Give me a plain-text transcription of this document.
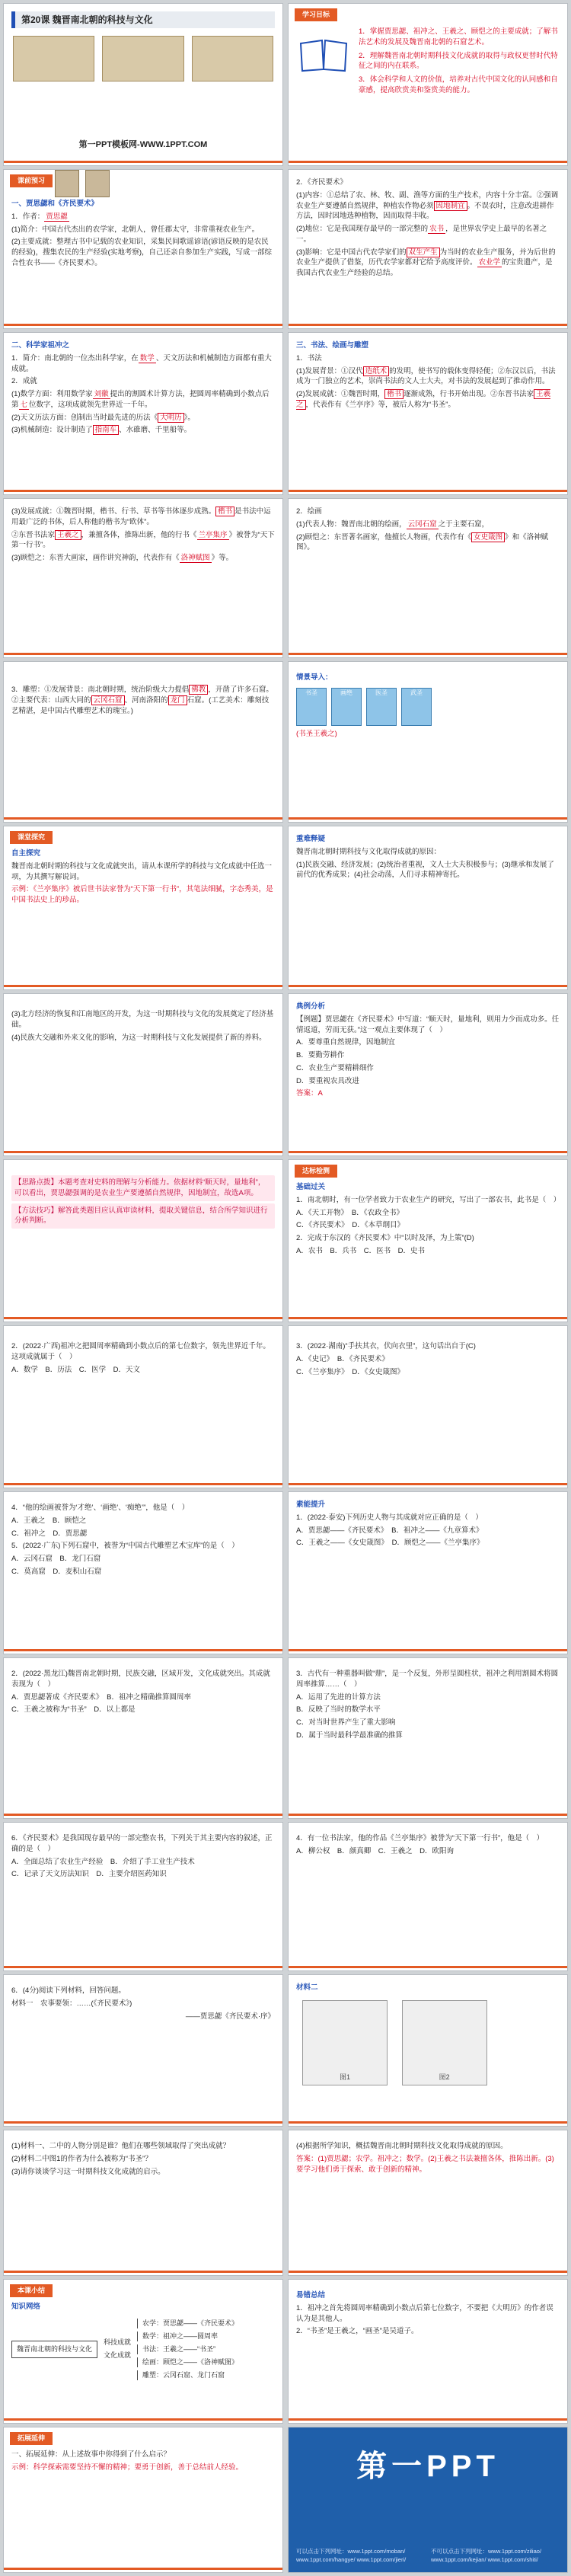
第20课 魏晋南北朝的科技与文化
第一PPT模板网-WWW.1PPT.COM
学习目标

1．掌握贾思勰、祖冲之、王羲之、顾恺之的主要成就；了解书法艺术的发展及魏晋南北朝的石窟艺术。

2．理解魏晋南北朝时期科技文化成就的取得与政权更替时代特征之间的内在联系。

3．体会科学和人文的价值，培养对古代中国文化的认同感和自豪感，提高欣赏美和鉴赏美的能力。

课前预习

一、贾思勰和《齐民要术》

1．作者： 贾思勰

(1)简介：中国古代杰出的农学家，北朝人，曾任郡太守，非常重视农业生产。

(2)主要成就：整理古书中记载的农业知识，采集民间歌谣谚语(谚语反映的是农民的经验)，搜集农民的生产经验(实地考察)，自己还亲自参加生产实践，写成一部综合性农书——《齐民要术》。

2．《齐民要术》

(1)内容：①总结了农、林、牧、副、渔等方面的生产技术，内容十分丰富。②强调农业生产要遵循自然规律，种植农作物必须 因地制宜 。不误农时，注意改进耕作方法，因时因地选种植物，因而取得丰收。

(2)地位：它是我国现存最早的一部完整的 农书 ，是世界农学史上最早的名著之一。

(3)影响：它是中国古代农学家们的 双生产生 为当时的农业生产服务，并为后世的农业生产提供了借鉴，历代农学家都对它给予高度评价。 农业学 的宝贵遗产，是我国古代农业生产经验的总结。

二、科学家祖冲之

1．简介：南北朝的一位杰出科学家，在 数学 、天文历法和机械制造方面都有重大成就。

2．成就

(1)数学方面：利用数学家 刘徽 提出的割圆术计算方法，把圆周率精确到小数点后第 七 位数字，这项成就领先世界近一千年。

(2)天文历法方面：创制出当时最先进的历法《 大明历 》。

(3)机械制造：设计制造了 指南车 、水碓磨、千里船等。

三、书法、绘画与雕塑

1．书法

(1)发展背景：①汉代 造纸术 的发明，使书写的载体变得轻便；②东汉以后，书法成为一门独立的艺术，崇尚书法的文人士大夫，对书法的发展起到了推动作用。

(2)发展成就：①魏晋时期， 楷书 逐渐成熟，行书开始出现。②东晋书法家 王羲之 ，代表作有《兰亭序》等，被后人称为“书圣”。

(3)发展成就：①魏晋时期，楷书、行书、草书等书体逐步成熟。 楷书 是书法中运用最广泛的书体，后人称他的楷书为“欧体”。

②东晋书法家 王羲之 ，兼擅各体，推陈出新，他的行书《 兰亭集序 》被誉为“天下第一行书”。

(3)顾恺之：东晋大画家，画作讲究神韵，代表作有《 洛神赋图 》等。

2．绘画

(1)代表人物：魏晋南北朝的绘画， 云冈石窟 之于主要石窟，

(2)顾恺之：东晋著名画家，他擅长人物画，代表作有《 女史箴图 》和《洛神赋图》。

3．雕塑：①发展背景：南北朝时期，统治阶级大力提倡 佛教 ，开凿了许多石窟。②主要代表：山西大同的 云冈石窟 、河南洛阳的 龙门 石窟。(工艺美术：雕刻技艺精湛，是中国古代雕塑艺术的瑰宝。)

情景导入：

书圣	画绝	医圣	武圣

(书圣王羲之)

课堂探究

自主探究

魏晋南北朝时期的科技与文化成就突出，请从本课所学的科技与文化成就中任选一项，为其撰写解说词。

示例：《兰亭集序》被后世书法家誉为“天下第一行书”，其笔法细腻，字态秀美，是中国书法史上的珍品。

重难释疑

魏晋南北朝时期科技与文化取得成就的原因：

(1)民族交融、经济发展；(2)统治者重视，文人士大夫积极参与；(3)继承和发展了前代的优秀成果；(4)社会动荡，人们寻求精神寄托。

(3)北方经济的恢复和江南地区的开发，为这一时期科技与文化的发展奠定了经济基础。

(4)民族大交融和外来文化的影响，为这一时期科技与文化发展提供了新的养料。

典例分析

【例题】贾思勰在《齐民要术》中写道：“顺天时，量地利，则用力少而成功多。任情返道，劳而无获。”这一观点主要体现了（　）

A．要尊重自然规律，因地制宜

B．要勤劳耕作

C．农业生产要精耕细作

D．要重视农具改进

答案：A

【思路点拨】本题考查对史料的理解与分析能力。依据材料“顺天时，量地利”，可以看出，贾思勰强调的是农业生产要遵循自然规律，因地制宜，故选A项。

【方法技巧】解答此类题目应认真审读材料，提取关键信息，结合所学知识进行分析判断。

达标检测

基础过关

1．南北朝时，有一位学者致力于农业生产的研究，写出了一部农书，此书是（　）

A．《天工开物》　 B．《农政全书》

C．《齐民要术》　 D．《本草纲目》

2．完成于东汉的《齐民要术》中“以时及泽，为上策”(D)

A．农书　 B．兵书　 C．医书　 D．史书

2．(2022·广西)祖冲之把圆周率精确到小数点后的第七位数字，领先世界近千年。这项成就属于（　）

A．数学　 B．历法　 C．医学　 D．天文

3．(2022·湖南)“手扶其衣，伏向衣里”，这句话出自于(C)

A．《史记》　 B．《齐民要术》

C．《兰亭集序》　 D．《女史箴图》

4．“他的绘画被誉为‘才绝’、‘画绝’、‘痴绝’”，他是（　）

A．王羲之　 B．顾恺之

C．祖冲之　 D．贾思勰

5．(2022·广东)下列石窟中，被誉为“中国古代雕塑艺术宝库”的是（　）

A．云冈石窟　 B．龙门石窟

C．莫高窟　 D．麦积山石窟

素能提升

1．(2022·泰安)下列历史人物与其成就对应正确的是（　）

A．贾思勰——《齐民要术》　 B．祖冲之——《九章算术》

C．王羲之——《女史箴图》　 D．顾恺之——《兰亭集序》

2．(2022·黑龙江)魏晋南北朝时期，民族交融，区域开发，文化成就突出。其成就表现为（　）

A．贾思勰著成《齐民要术》　 B．祖冲之精确推算圆周率

C．王羲之被称为“书圣”　 D．以上都是

3．古代有一种重器叫做“鼎”，是一个反复，外形呈圆柱状，祖冲之利用割圆术将圆周率推算……（　）

A．运用了先进的计算方法

B．反映了当时的数学水平

C．对当时世界产生了重大影响

D．属于当时最科学最准确的推算

6．《齐民要术》是我国现存最早的一部完整农书，下列关于其主要内容的叙述，正确的是（　）

A．全面总结了农业生产经验　 B．介绍了手工业生产技术

C．记录了天文历法知识　 D．主要介绍医药知识

4．有一位书法家，他的作品《兰亭集序》被誉为“天下第一行书”，他是（　）

A．柳公权　 B．颜真卿　 C．王羲之　 D．欧阳询

6．(4分)阅读下列材料，回答问题。

材料一　农事要领：……(《齐民要术》)

——贾思勰《齐民要术·序》

材料二

图1
	图2

(1)材料一、二中的人物分别是谁？他们在哪些领域取得了突出成就？

(2)材料二中图1的作者为什么被称为“书圣”？

(3)请你谈谈学习这一时期科技文化成就的启示。

(4)根据所学知识，概括魏晋南北朝时期科技文化取得成就的原因。

答案：(1)贾思勰；农学。祖冲之；数学。(2)王羲之书法兼擅各体，推陈出新。(3)要学习他们勇于探索、敢于创新的精神。

本课小结

知识网络

魏晋南北朝的科技与文化
科技成就
文化成就
农学：贾思勰——《齐民要术》
数学：祖冲之——圆周率
书法：王羲之——“书圣”
绘画：顾恺之——《洛神赋图》
雕塑：云冈石窟、龙门石窟

易错总结

1．祖冲之首先将圆周率精确到小数点后第七位数字，不要把《大明历》的作者误认为是其他人。

2．“书圣”是王羲之，“画圣”是吴道子。

拓展延伸

一、拓展延伸：从上述故事中你得到了什么启示？

示例：科学探索需要坚持不懈的精神；要勇于创新，善于总结前人经验。	第一PPT
可以点击下列网址：www.1ppt.com/moban/ www.1ppt.com/hangye/ www.1ppt.com/jieri/
不可以点击下列网址：www.1ppt.com/ziliao/ www.1ppt.com/kejian/ www.1ppt.com/shiti/
